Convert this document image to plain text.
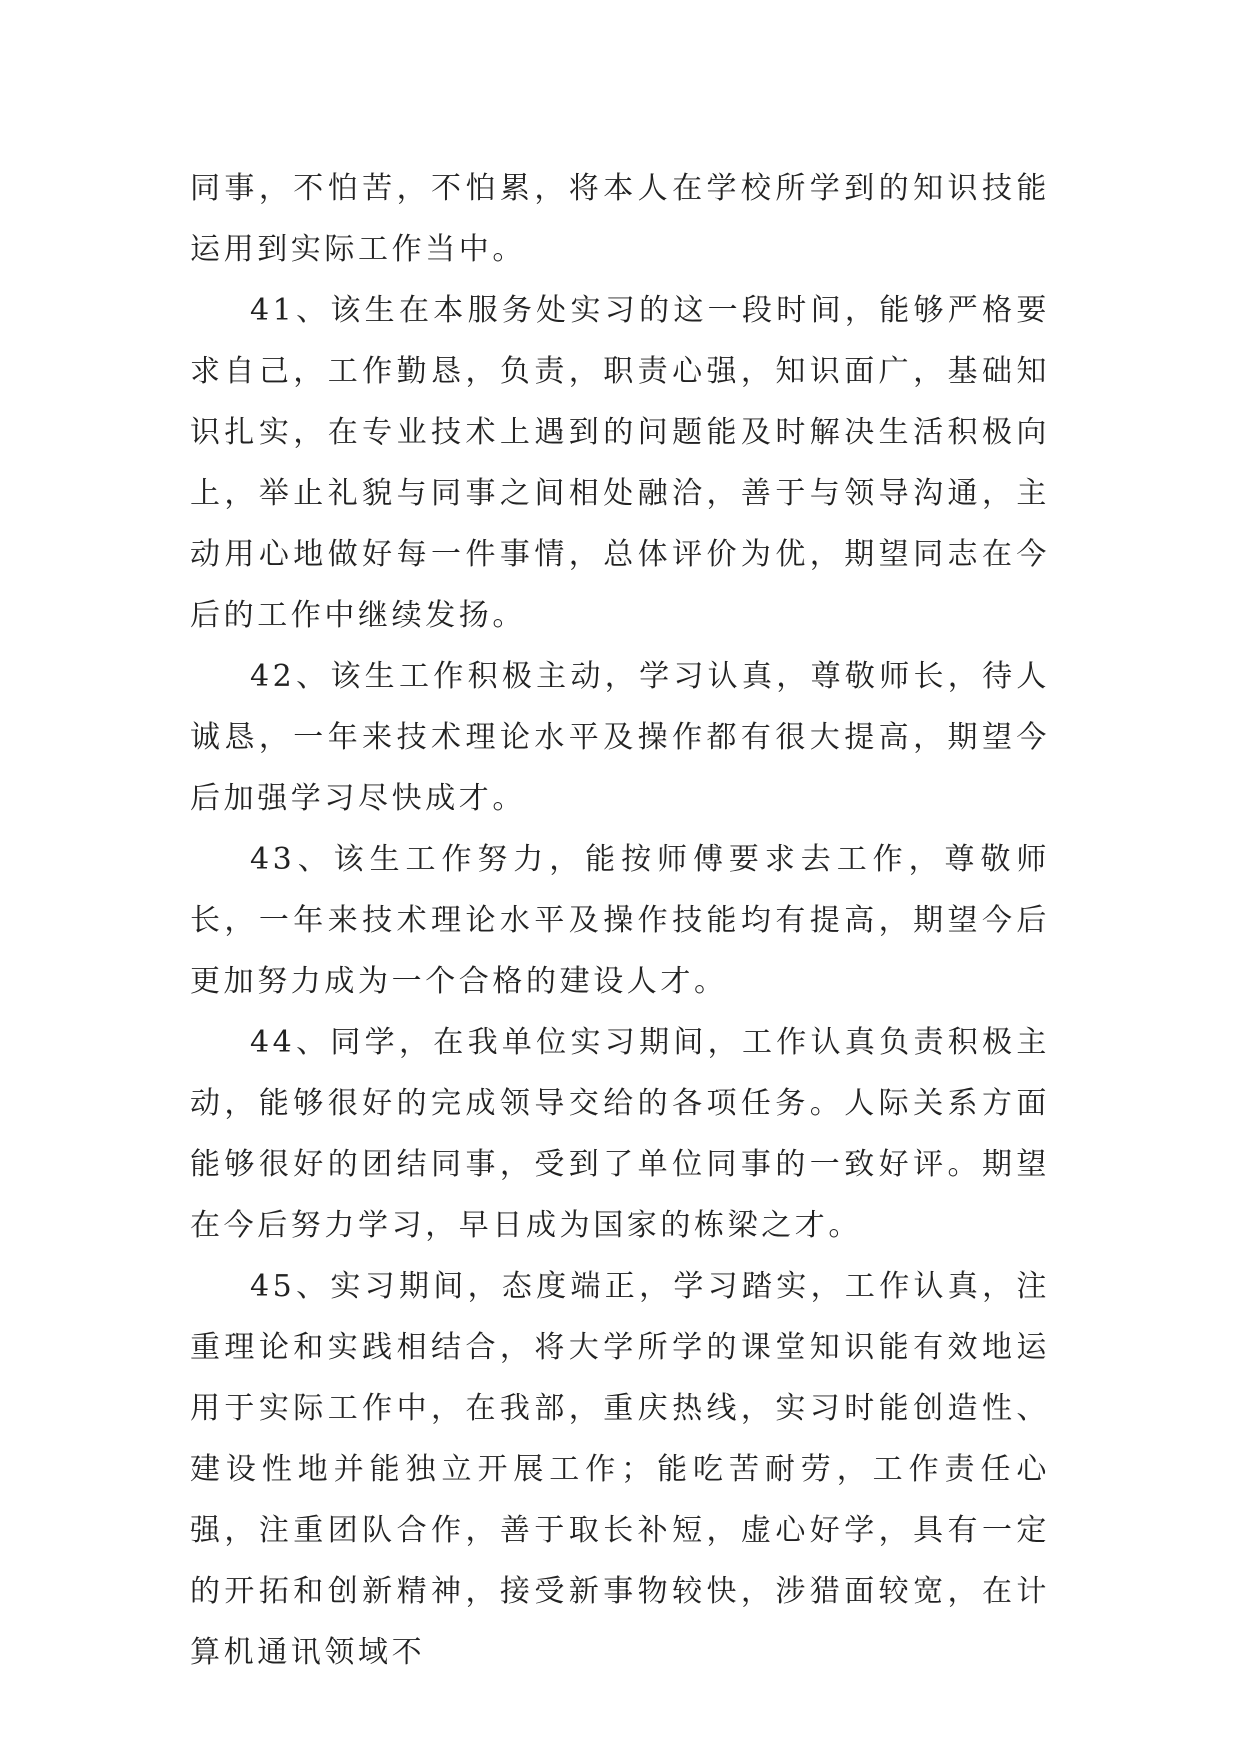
同事，不怕苦，不怕累，将本人在学校所学到的知识技能运用到实际工作当中。

41、该生在本服务处实习的这一段时间，能够严格要求自己，工作勤恳，负责，职责心强，知识面广，基础知识扎实，在专业技术上遇到的问题能及时解决生活积极向上，举止礼貌与同事之间相处融洽，善于与领导沟通，主动用心地做好每一件事情，总体评价为优，期望同志在今后的工作中继续发扬。

42、该生工作积极主动，学习认真，尊敬师长，待人诚恳，一年来技术理论水平及操作都有很大提高，期望今后加强学习尽快成才。

43、该生工作努力，能按师傅要求去工作，尊敬师长，一年来技术理论水平及操作技能均有提高，期望今后更加努力成为一个合格的建设人才。

44、同学，在我单位实习期间，工作认真负责积极主动，能够很好的完成领导交给的各项任务。人际关系方面能够很好的团结同事，受到了单位同事的一致好评。期望在今后努力学习，早日成为国家的栋梁之才。

45、实习期间，态度端正，学习踏实，工作认真，注重理论和实践相结合，将大学所学的课堂知识能有效地运用于实际工作中，在我部，重庆热线，实习时能创造性、建设性地并能独立开展工作；能吃苦耐劳，工作责任心强，注重团队合作，善于取长补短，虚心好学，具有一定的开拓和创新精神，接受新事物较快，涉猎面较宽，在计算机通讯领域不
